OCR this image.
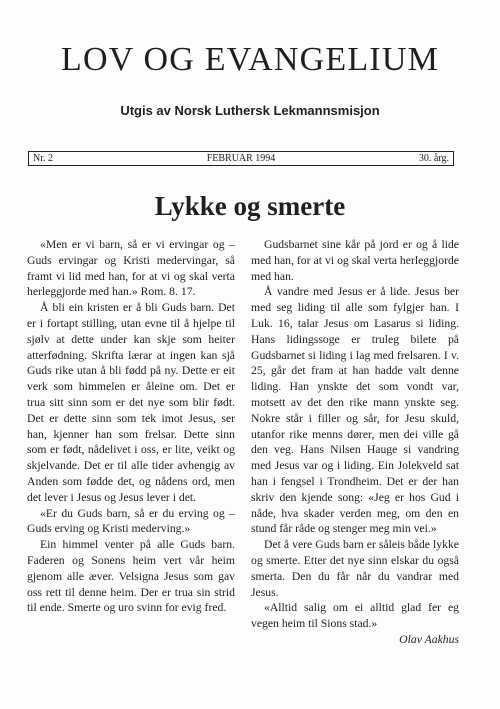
LOV OG EVANGELIUM
Utgis av Norsk Luthersk Lekmannsmisjon
Nr. 2	FEBRUAR 1994	30. årg.
Lykke og smerte

«Men er vi barn, så er vi ervingar og – Guds ervingar og Kristi medervingar, så framt vi lid med han, for at vi og skal verta herleggjorde med han.» Rom. 8. 17.

Å bli ein kristen er å bli Guds barn. Det er i fortapt stilling, utan evne til å hjelpe til sjølv at dette under kan skje som heiter atterfødning. Skrifta lærar at ingen kan sjå Guds rike utan å bli fødd på ny. Dette er eit verk som himmelen er åleine om. Det er trua sitt sinn som er det nye som blir født. Det er dette sinn som tek imot Jesus, ser han, kjenner han som frelsar. Dette sinn som er født, nådelivet i oss, er lite, veikt og skjelvande. Det er til alle tider avhengig av Anden som fødde det, og nådens ord, men det lever i Jesus og Jesus lever i det.

«Er du Guds barn, så er du erving og – Guds erving og Kristi mederving.»

Ein himmel venter på alle Guds barn. Faderen og Sonens heim vert vår heim gjenom alle æver. Velsigna Jesus som gav oss rett til denne heim. Der er trua sin strid til ende. Smerte og uro svinn for evig fred.

Gudsbarnet sine kår på jord er og å lide med han, for at vi og skal verta herleggjorde med han.

Å vandre med Jesus er å lide. Jesus ber med seg liding til alle som fylgjer han. I Luk. 16, talar Jesus om Lasarus si liding. Hans lidingssoge er truleg bilete på Gudsbarnet si liding i lag med frelsaren. I v. 25, går det fram at han hadde valt denne liding. Han ynskte det som vondt var, motsett av det den rike mann ynskte seg. Nokre står i filler og sår, for Jesu skuld, utanfor rike menns dører, men dei ville gå den veg. Hans Nilsen Hauge si vandring med Jesus var og i liding. Ein Jolekveld sat han i fengsel i Trondheim. Det er der han skriv den kjende song: «Jeg er hos Gud i nåde, hva skader verden meg, om den en stund får råde og stenger meg min vei.»

Det å vere Guds barn er såleis både lykke og smerte. Etter det nye sinn elskar du også smerta. Den du får når du vandrar med Jesus.

«Alltid salig om ei alltid glad fer eg vegen heim til Sions stad.»

Olav Aakhus
